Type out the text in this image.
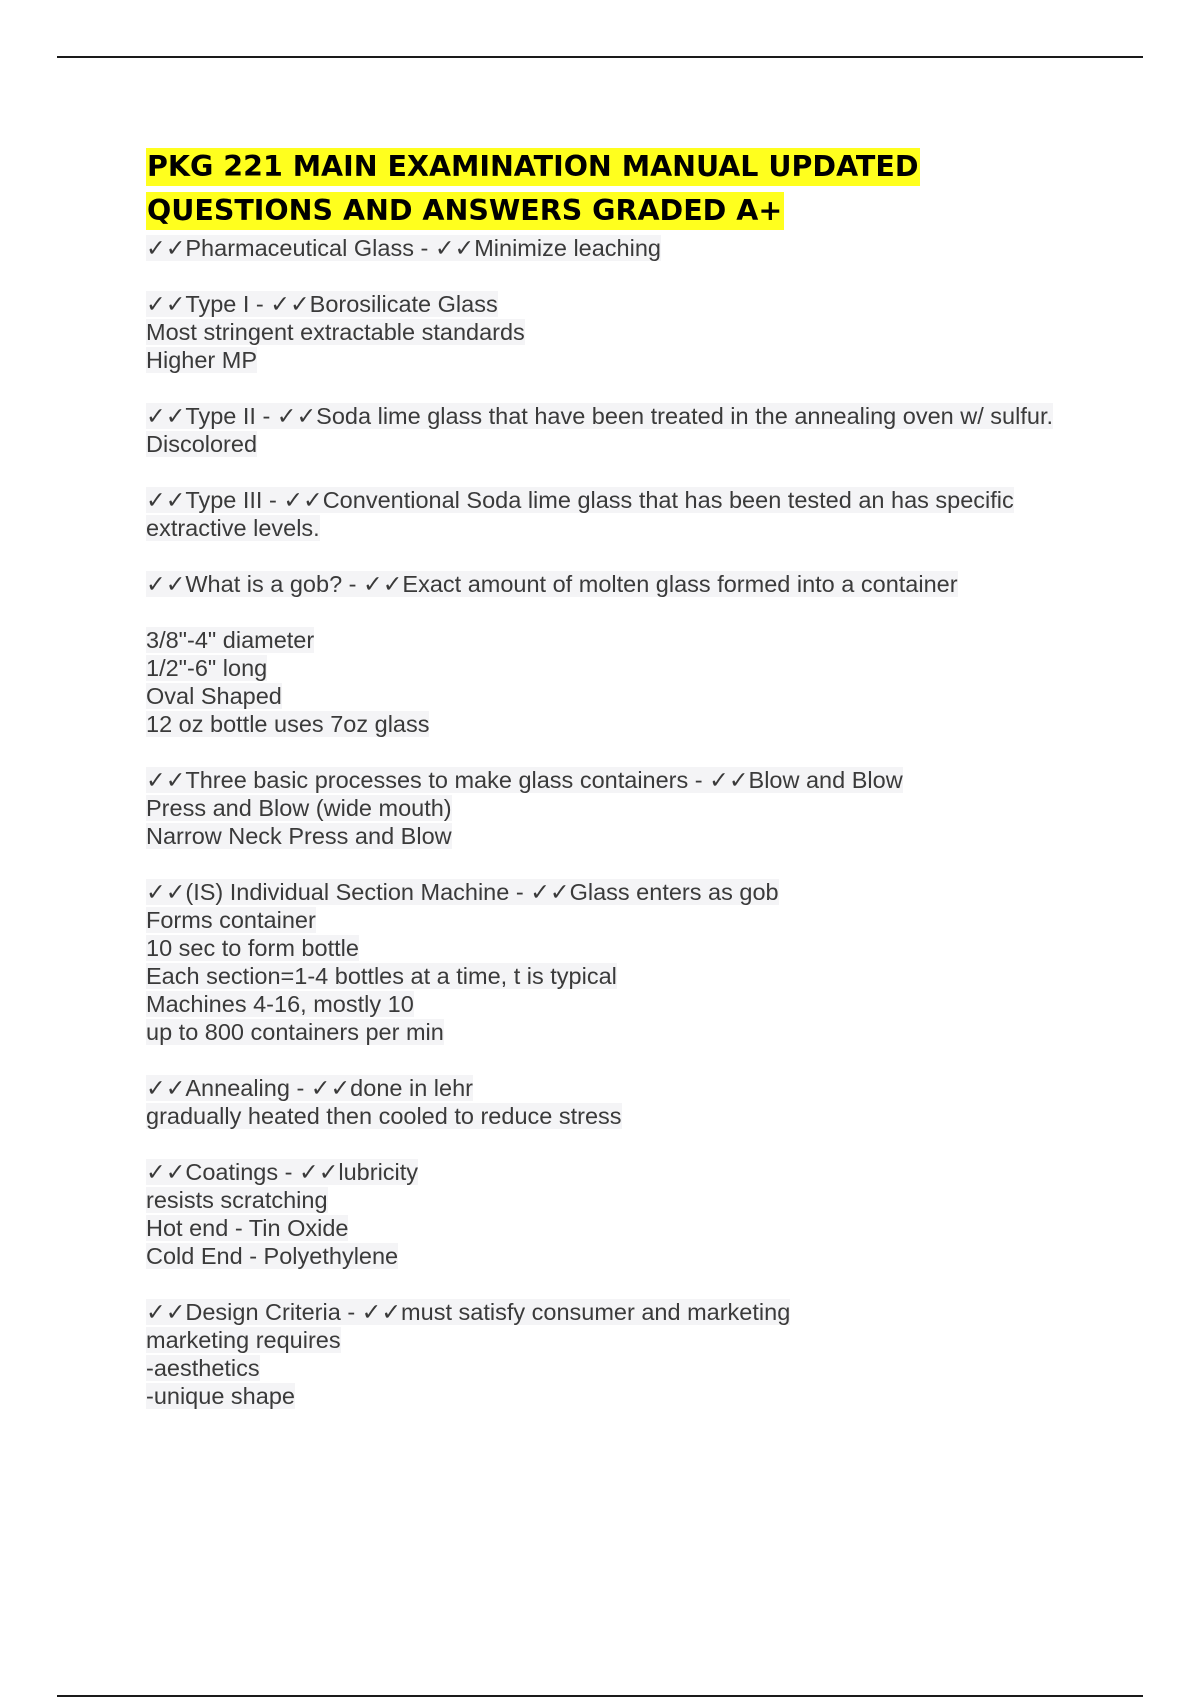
PKG 221 MAIN EXAMINATION MANUAL UPDATED
QUESTIONS AND ANSWERS GRADED A+
✓✓Pharmaceutical Glass - ✓✓Minimize leaching
✓✓Type I - ✓✓Borosilicate Glass
Most stringent extractable standards
Higher MP
✓✓Type II - ✓✓Soda lime glass that have been treated in the annealing oven w/ sulfur.
Discolored
✓✓Type III - ✓✓Conventional Soda lime glass that has been tested an has specific
extractive levels.
✓✓What is a gob? - ✓✓Exact amount of molten glass formed into a container
3/8"-4" diameter
1/2"-6" long
Oval Shaped
12 oz bottle uses 7oz glass
✓✓Three basic processes to make glass containers - ✓✓Blow and Blow
Press and Blow (wide mouth)
Narrow Neck Press and Blow
✓✓(IS) Individual Section Machine - ✓✓Glass enters as gob
Forms container
10 sec to form bottle
Each section=1-4 bottles at a time, t is typical
Machines 4-16, mostly 10
up to 800 containers per min
✓✓Annealing - ✓✓done in lehr
gradually heated then cooled to reduce stress
✓✓Coatings - ✓✓lubricity
resists scratching
Hot end - Tin Oxide
Cold End - Polyethylene
✓✓Design Criteria - ✓✓must satisfy consumer and marketing
marketing requires
-aesthetics
-unique shape
